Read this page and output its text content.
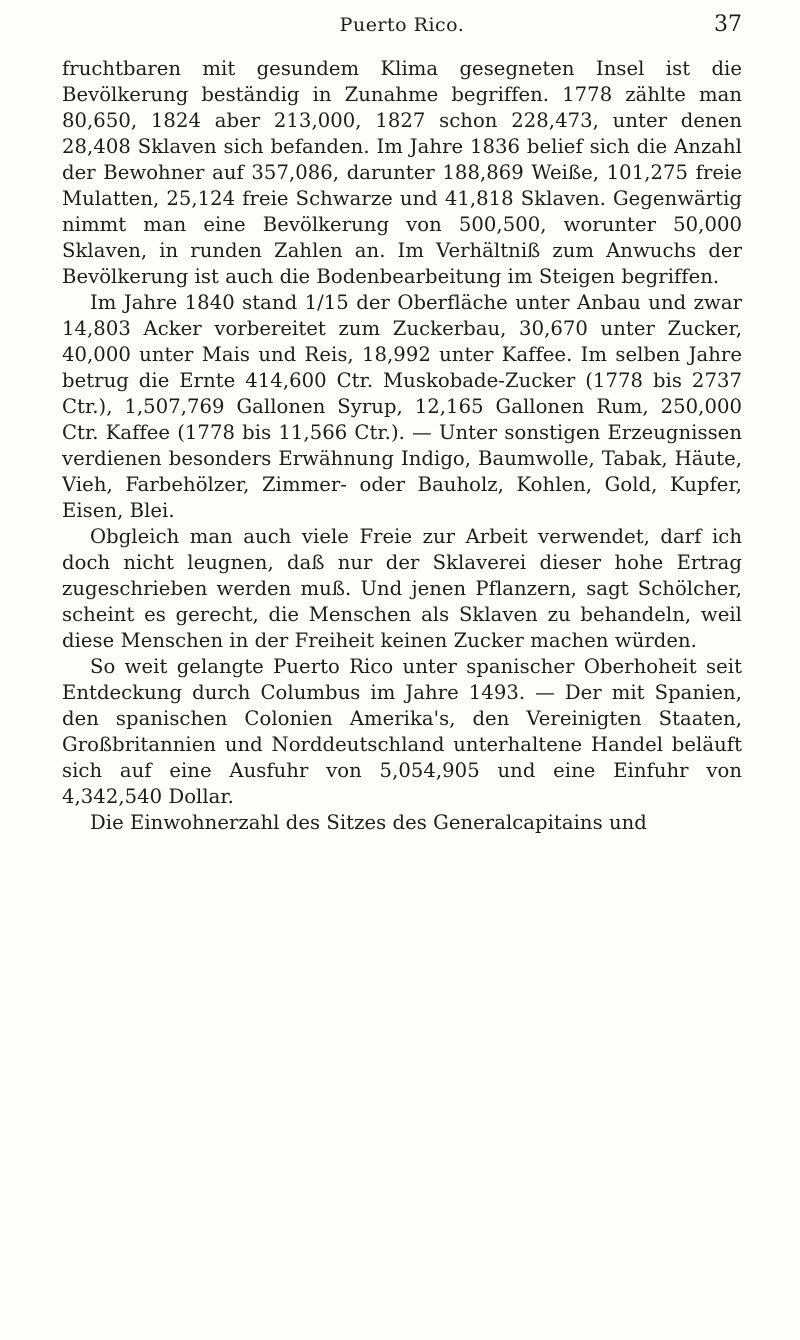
Puerto Rico.	37

fruchtbaren mit gesundem Klima gesegneten Insel ist die Bevölkerung beständig in Zunahme begriffen. 1778 zählte man 80,650, 1824 aber 213,000, 1827 schon 228,473, unter denen 28,408 Sklaven sich befanden. Im Jahre 1836 belief sich die Anzahl der Bewohner auf 357,086, darunter 188,869 Weiße, 101,275 freie Mulatten, 25,124 freie Schwarze und 41,818 Sklaven. Gegenwärtig nimmt man eine Bevölkerung von 500,500, worunter 50,000 Sklaven, in runden Zahlen an. Im Verhältniß zum Anwuchs der Bevölkerung ist auch die Bodenbearbeitung im Steigen begriffen.

Im Jahre 1840 stand 1/15 der Oberfläche unter Anbau und zwar 14,803 Acker vorbereitet zum Zuckerbau, 30,670 unter Zucker, 40,000 unter Mais und Reis, 18,992 unter Kaffee. Im selben Jahre betrug die Ernte 414,600 Ctr. Muskobade-Zucker (1778 bis 2737 Ctr.), 1,507,769 Gallonen Syrup, 12,165 Gallonen Rum, 250,000 Ctr. Kaffee (1778 bis 11,566 Ctr.). — Unter sonstigen Erzeugnissen verdienen besonders Erwähnung Indigo, Baumwolle, Tabak, Häute, Vieh, Farbehölzer, Zimmer- oder Bauholz, Kohlen, Gold, Kupfer, Eisen, Blei.

Obgleich man auch viele Freie zur Arbeit verwendet, darf ich doch nicht leugnen, daß nur der Sklaverei dieser hohe Ertrag zugeschrieben werden muß. Und jenen Pflanzern, sagt Schölcher, scheint es gerecht, die Menschen als Sklaven zu behandeln, weil diese Menschen in der Freiheit keinen Zucker machen würden.

So weit gelangte Puerto Rico unter spanischer Oberhoheit seit Entdeckung durch Columbus im Jahre 1493. — Der mit Spanien, den spanischen Colonien Amerika's, den Vereinigten Staaten, Großbritannien und Norddeutschland unterhaltene Handel beläuft sich auf eine Ausfuhr von 5,054,905 und eine Einfuhr von 4,342,540 Dollar.

Die Einwohnerzahl des Sitzes des Generalcapitains und
